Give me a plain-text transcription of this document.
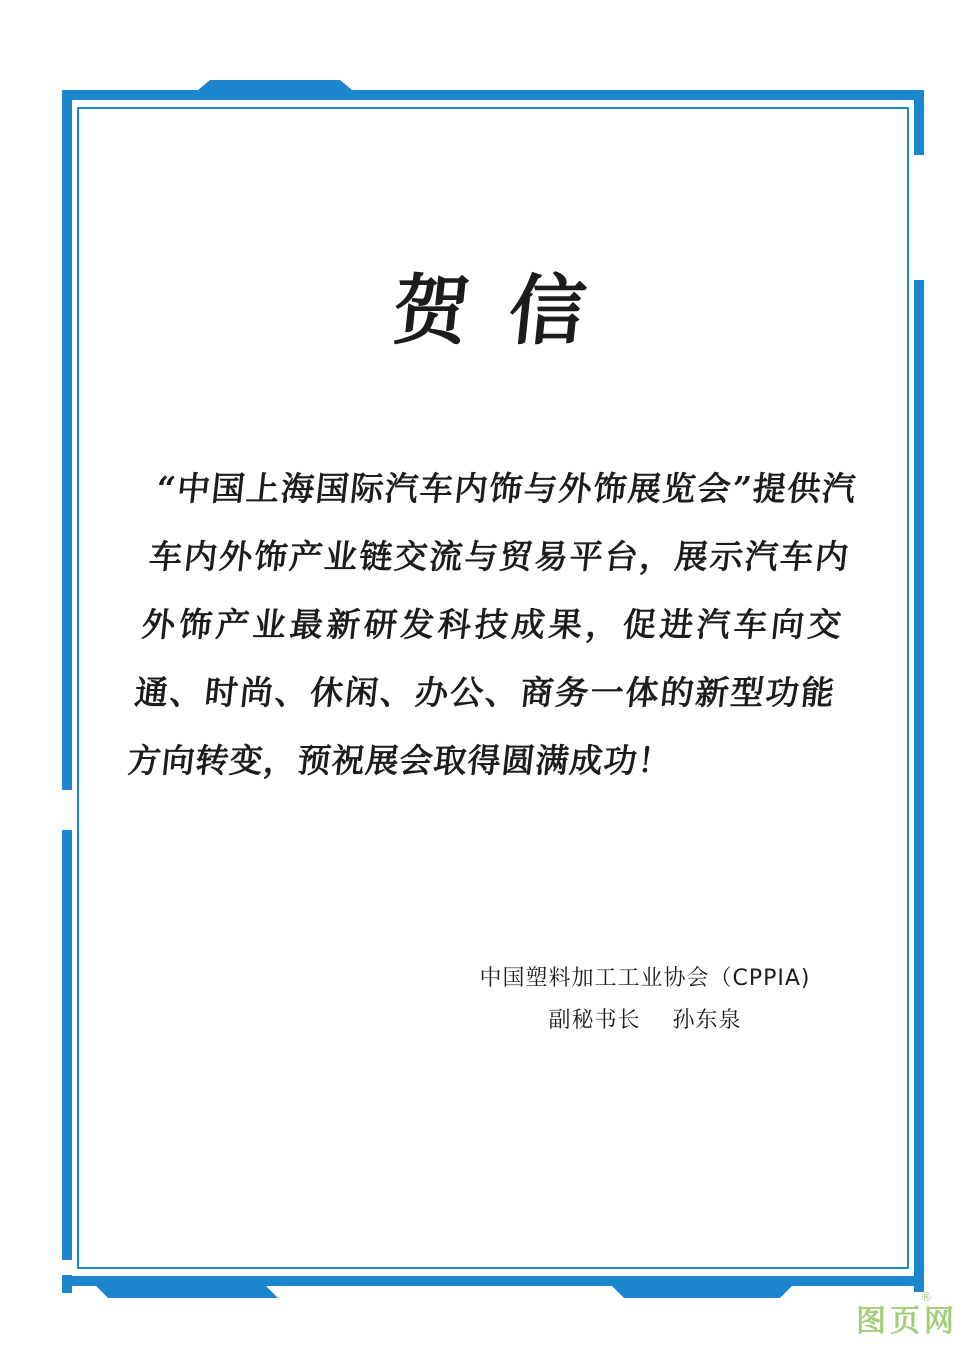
贺信

“中国上海国际汽车内饰与外饰展览会”提供汽车内外饰产业链交流与贸易平台，展示汽车内外饰产业最新研发科技成果，促进汽车向交通、时尚、休闲、办公、商务一体的新型功能方向转变，预祝展会取得圆满成功！

中国塑料加工工业协会（CPPIA)
副秘书长    孙东泉
图页网
®
